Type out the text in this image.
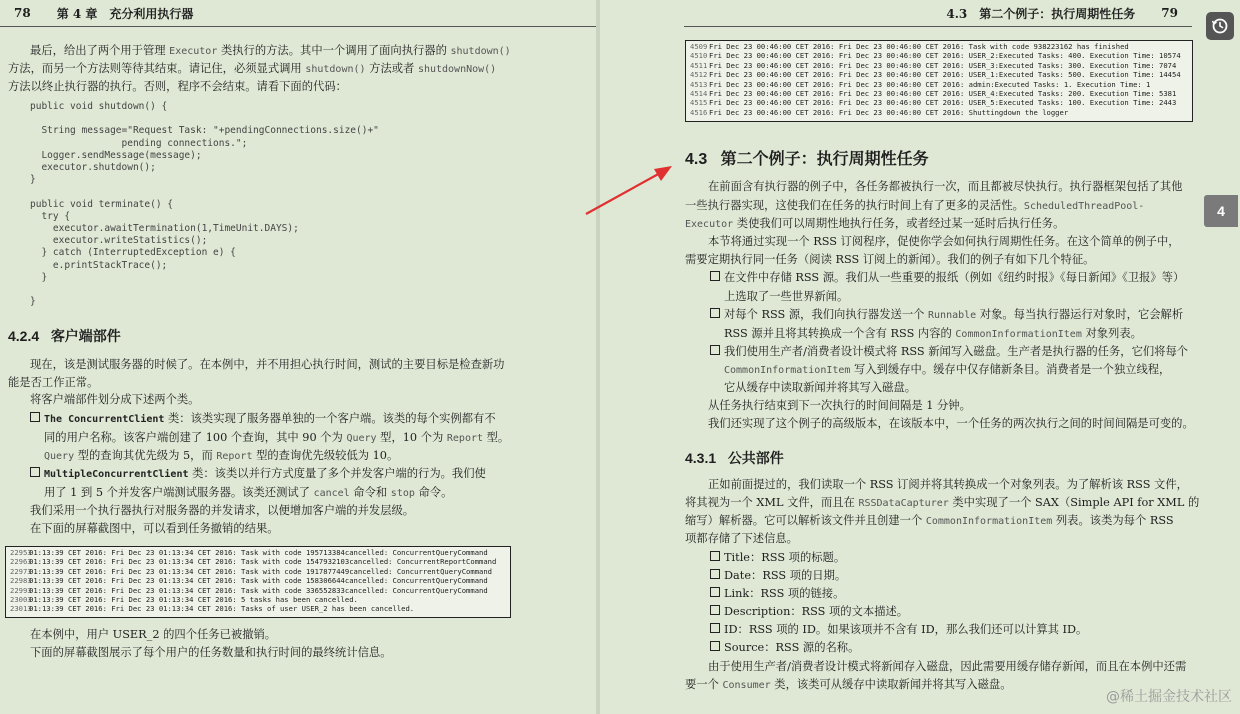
78 第 4 章　充分利用执行器

最后，给出了两个用于管理 Executor 类执行的方法。其中一个调用了面向执行器的 shutdown()

方法，而另一个方法则等待其结束。请记住，必须显式调用 shutdown() 方法或者 shutdownNow()

方法以终止执行器的执行。否则，程序不会结束。请看下面的代码：

public void shutdown() {

String message="Request Task: "+pendingConnections.size()+"
pending connections.";
Logger.sendMessage(message);
executor.shutdown();
}

public void terminate() {
try {
executor.awaitTermination(1,TimeUnit.DAYS);
executor.writeStatistics();
} catch (InterruptedException e) {
e.printStackTrace();
}

}
4.2.4 客户端部件

现在，该是测试服务器的时候了。在本例中，并不用担心执行时间，测试的主要目标是检查新功

能是否工作正常。

将客户端部件划分成下述两个类。

The ConcurrentClient 类：该类实现了服务器单独的一个客户端。该类的每个实例都有不
同的用户名称。该客户端创建了 100 个查询，其中 90 个为 Query 型，10 个为 Report 型。
Query 型的查询其优先级为 5，而 Report 型的查询优先级较低为 10。
MultipleConcurrentClient 类：该类以并行方式度量了多个并发客户端的行为。我们使
用了 1 到 5 个并发客户端测试服务器。该类还测试了 cancel 命令和 stop 命令。

我们采用一个执行器执行对服务器的并发请求，以便增加客户端的并发层级。

在下面的屏幕截图中，可以看到任务撤销的结果。

22953
01:13:39 CET 2016: Fri Dec 23 01:13:34 CET 2016: Task with code 195713384cancelled: ConcurrentQueryCommand
22963
01:13:39 CET 2016: Fri Dec 23 01:13:34 CET 2016: Task with code 1547932103cancelled: ConcurrentReportCommand
22973
01:13:39 CET 2016: Fri Dec 23 01:13:34 CET 2016: Task with code 1917877449cancelled: ConcurrentQueryCommand
22983
01:13:39 CET 2016: Fri Dec 23 01:13:34 CET 2016: Task with code 158306644cancelled: ConcurrentQueryCommand
22993
01:13:39 CET 2016: Fri Dec 23 01:13:34 CET 2016: Task with code 336552833cancelled: ConcurrentQueryCommand
23003
01:13:39 CET 2016: Fri Dec 23 01:13:34 CET 2016: 5 tasks has been cancelled.
23013
01:13:39 CET 2016: Fri Dec 23 01:13:34 CET 2016: Tasks of user USER_2 has been cancelled.

在本例中，用户 USER_2 的四个任务已被撤销。

下面的屏幕截图展示了每个用户的任务数量和执行时间的最终统计信息。

4.3　第二个例子：执行周期性任务 79
4509 Fri Dec 23 00:46:00 CET 2016: Fri Dec 23 00:46:00 CET 2016: Task with code 938223162 has finished
4510 Fri Dec 23 00:46:00 CET 2016: Fri Dec 23 00:46:00 CET 2016: USER_2:Executed Tasks: 400. Execution Time: 10574
4511 Fri Dec 23 00:46:00 CET 2016: Fri Dec 23 00:46:00 CET 2016: USER_3:Executed Tasks: 300. Execution Time: 7074
4512 Fri Dec 23 00:46:00 CET 2016: Fri Dec 23 00:46:00 CET 2016: USER_1:Executed Tasks: 500. Execution Time: 14454
4513 Fri Dec 23 00:46:00 CET 2016: Fri Dec 23 00:46:00 CET 2016: admin:Executed Tasks: 1. Execution Time: 1
4514 Fri Dec 23 00:46:00 CET 2016: Fri Dec 23 00:46:00 CET 2016: USER_4:Executed Tasks: 200. Execution Time: 5381
4515 Fri Dec 23 00:46:00 CET 2016: Fri Dec 23 00:46:00 CET 2016: USER_5:Executed Tasks: 100. Execution Time: 2443
4516 Fri Dec 23 00:46:00 CET 2016: Fri Dec 23 00:46:00 CET 2016: Shuttingdown the logger
4.3 第二个例子：执行周期性任务

在前面含有执行器的例子中，各任务都被执行一次，而且都被尽快执行。执行器框架包括了其他

一些执行器实现，这使我们在任务的执行时间上有了更多的灵活性。ScheduledThreadPool-

Executor 类使我们可以周期性地执行任务，或者经过某一延时后执行任务。

本节将通过实现一个 RSS 订阅程序，促使你学会如何执行周期性任务。在这个简单的例子中，

需要定期执行同一任务（阅读 RSS 订阅上的新闻）。我们的例子有如下几个特征。

在文件中存储 RSS 源。我们从一些重要的报纸（例如《纽约时报》《每日新闻》《卫报》等）
上选取了一些世界新闻。
对每个 RSS 源，我们向执行器发送一个 Runnable 对象。每当执行器运行对象时，它会解析
RSS 源并且将其转换成一个含有 RSS 内容的 CommonInformationItem 对象列表。
我们使用生产者/消费者设计模式将 RSS 新闻写入磁盘。生产者是执行器的任务，它们将每个
CommonInformationItem 写入到缓存中。缓存中仅存储新条目。消费者是一个独立线程，
它从缓存中读取新闻并将其写入磁盘。

从任务执行结束到下一次执行的时间间隔是 1 分钟。

我们还实现了这个例子的高级版本，在该版本中，一个任务的两次执行之间的时间间隔是可变的。

4.3.1 公共部件

正如前面提过的，我们读取一个 RSS 订阅并将其转换成一个对象列表。为了解析该 RSS 文件，

将其视为一个 XML 文件，而且在 RSSDataCapturer 类中实现了一个 SAX（Simple API for XML 的

缩写）解析器。它可以解析该文件并且创建一个 CommonInformationItem 列表。该类为每个 RSS

项都存储了下述信息。

Title：RSS 项的标题。
Date：RSS 项的日期。
Link：RSS 项的链接。
Description：RSS 项的文本描述。
ID：RSS 项的 ID。如果该项并不含有 ID，那么我们还可以计算其 ID。
Source：RSS 源的名称。

由于使用生产者/消费者设计模式将新闻存入磁盘，因此需要用缓存储存新闻，而且在本例中还需

要一个 Consumer 类，该类可从缓存中读取新闻并将其写入磁盘。

4
@稀土掘金技术社区
